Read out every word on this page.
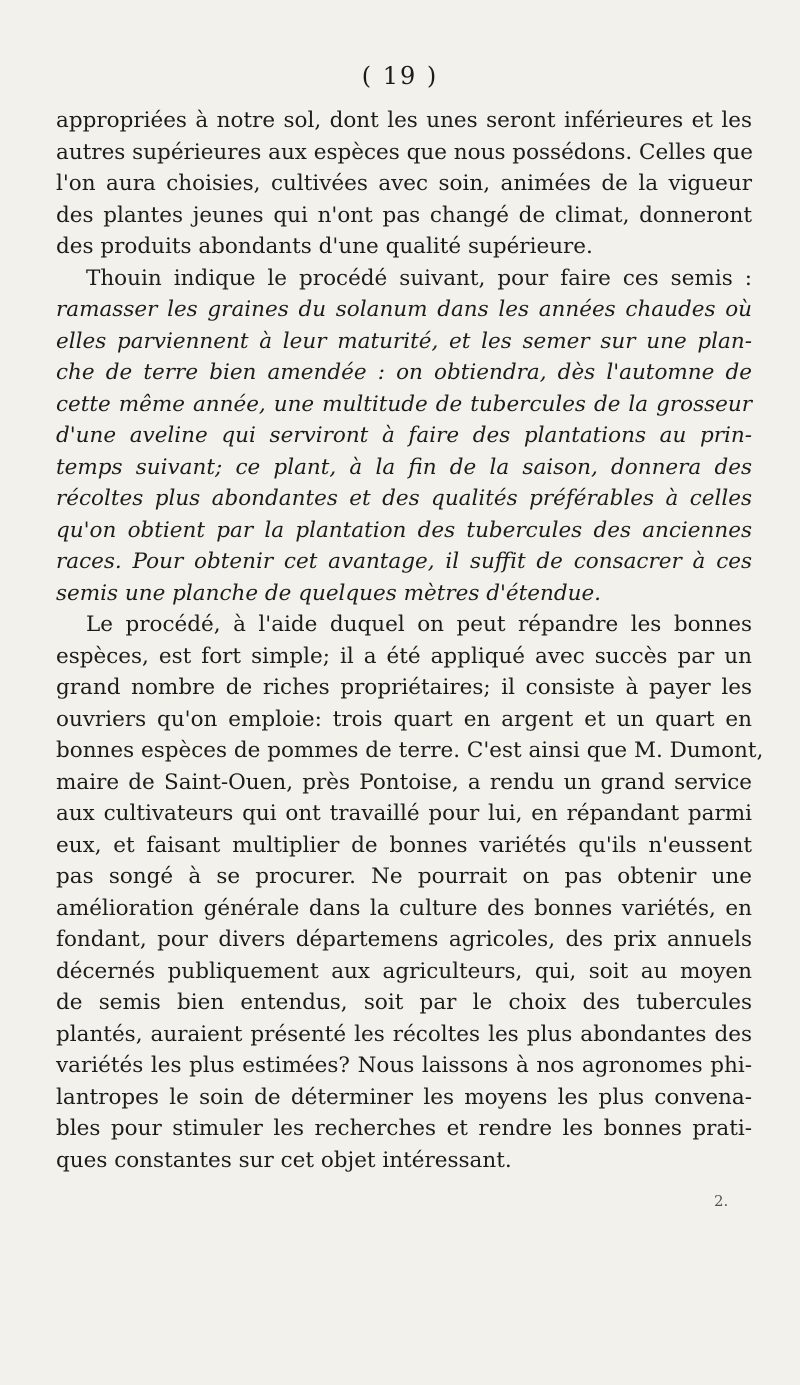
( 19 )
appropriées à notre sol, dont les unes seront inférieures et les
autres supérieures aux espèces que nous possédons. Celles que
l'on aura choisies, cultivées avec soin, animées de la vigueur
des plantes jeunes qui n'ont pas changé de climat, donneront
des produits abondants d'une qualité supérieure.
Thouin indique le procédé suivant, pour faire ces semis :
ramasser les graines du solanum dans les années chaudes où
elles parviennent à leur maturité, et les semer sur une plan-
che de terre bien amendée : on obtiendra, dès l'automne de
cette même année, une multitude de tubercules de la grosseur
d'une aveline qui serviront à faire des plantations au prin-
temps suivant; ce plant, à la fin de la saison, donnera des
récoltes plus abondantes et des qualités préférables à celles
qu'on obtient par la plantation des tubercules des anciennes
races. Pour obtenir cet avantage, il suffit de consacrer à ces
semis une planche de quelques mètres d'étendue.
Le procédé, à l'aide duquel on peut répandre les bonnes
espèces, est fort simple; il a été appliqué avec succès par un
grand nombre de riches propriétaires; il consiste à payer les
ouvriers qu'on emploie: trois quart en argent et un quart en
bonnes espèces de pommes de terre. C'est ainsi que M. Dumont,
maire de Saint-Ouen, près Pontoise, a rendu un grand service
aux cultivateurs qui ont travaillé pour lui, en répandant parmi
eux, et faisant multiplier de bonnes variétés qu'ils n'eussent
pas songé à se procurer. Ne pourrait on pas obtenir une
amélioration générale dans la culture des bonnes variétés, en
fondant, pour divers départemens agricoles, des prix annuels
décernés publiquement aux agriculteurs, qui, soit au moyen
de semis bien entendus, soit par le choix des tubercules
plantés, auraient présenté les récoltes les plus abondantes des
variétés les plus estimées? Nous laissons à nos agronomes phi-
lantropes le soin de déterminer les moyens les plus convena-
bles pour stimuler les recherches et rendre les bonnes prati-
ques constantes sur cet objet intéressant.
2.
